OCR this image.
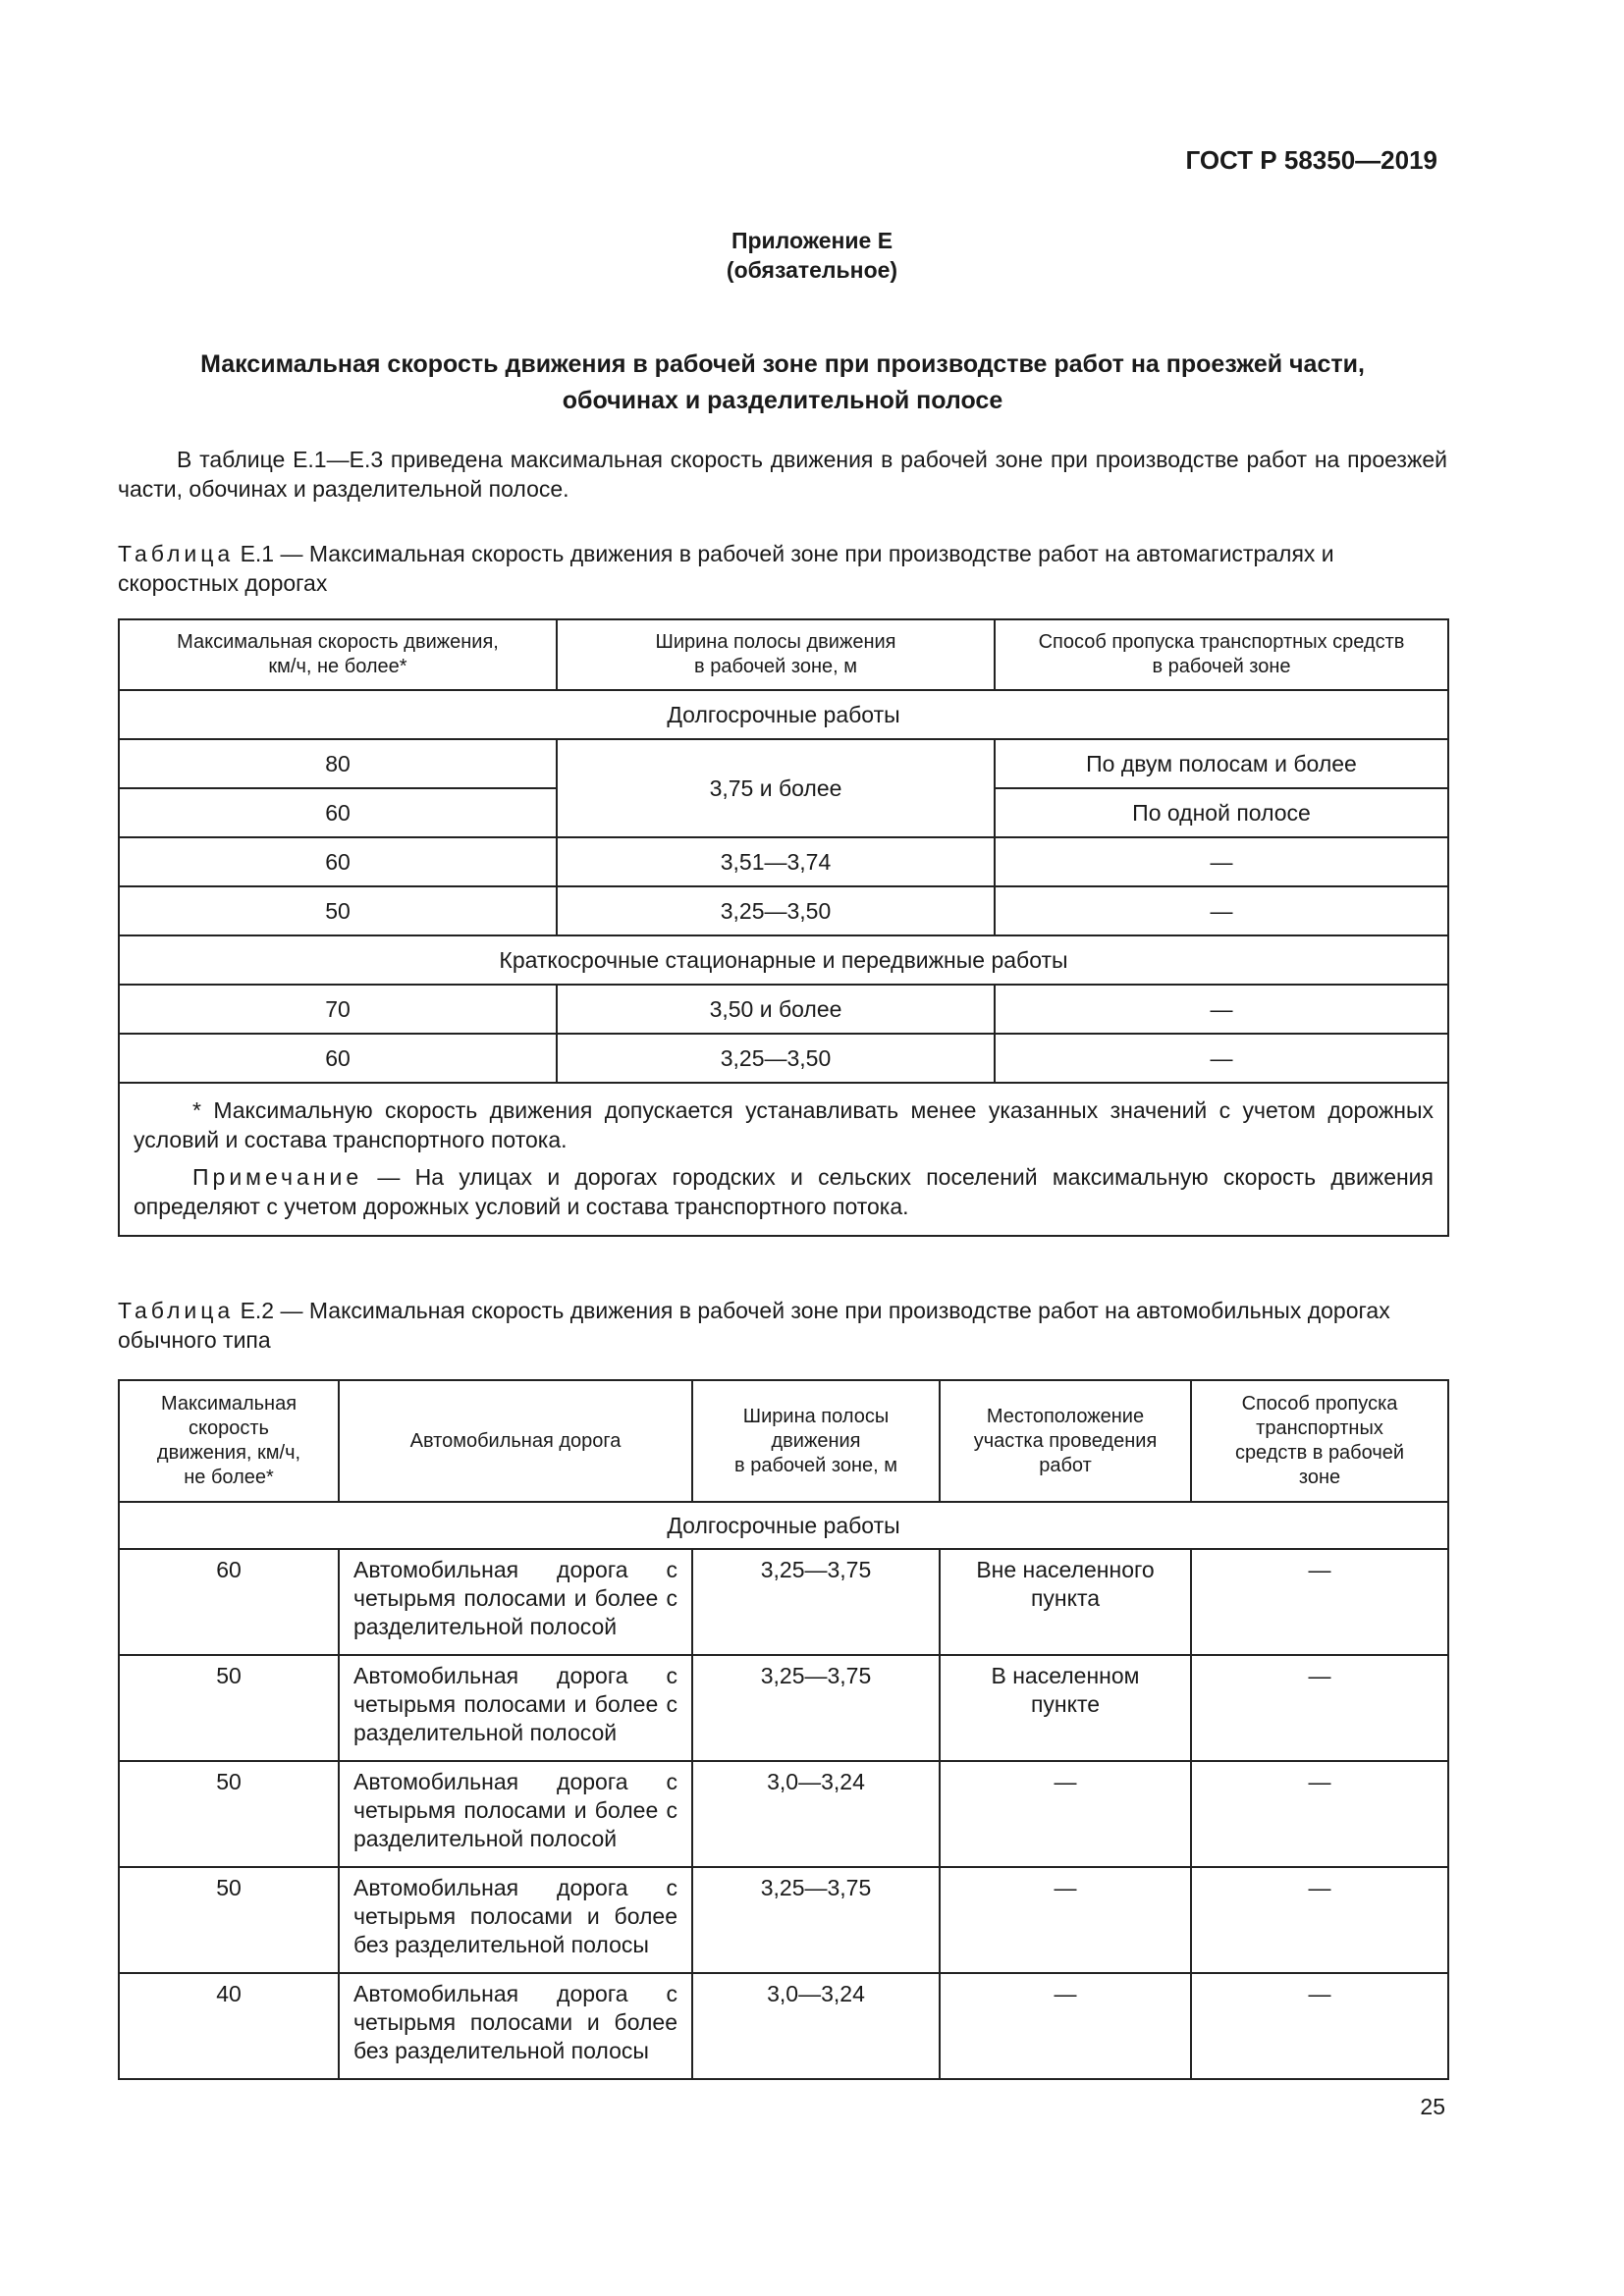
ГОСТ Р 58350—2019
Приложение Е
(обязательное)
Максимальная скорость движения в рабочей зоне при производстве работ на проезжей части,
обочинах и разделительной полосе
В таблице Е.1—Е.3 приведена максимальная скорость движения в рабочей зоне при производстве работ на проезжей части, обочинах и разделительной полосе.
Таблица Е.1 — Максимальная скорость движения в рабочей зоне при производстве работ на автомагистралях и скоростных дорогах
Максимальная скорость движения,
км/ч, не более*	Ширина полосы движения
в рабочей зоне, м	Способ пропуска транспортных средств
в рабочей зоне
Долгосрочные работы		
80	3,75 и более	По двум полосам и более
60		По одной полосе
60	3,51—3,74	—
50	3,25—3,50	—
Краткосрочные стационарные и передвижные работы		
70	3,50 и более	—
60	3,25—3,50	—

* Максимальную скорость движения допускается устанавливать менее указанных значений с учетом дорожных условий и состава транспортного потока.

Примечание — На улицах и дорогах городских и сельских поселений максимальную скорость движения определяют с учетом дорожных условий и состава транспортного потока.		

Таблица Е.2 — Максимальная скорость движения в рабочей зоне при производстве работ на автомобильных дорогах обычного типа
Максимальная
скорость
движения, км/ч,
не более*	Автомобильная дорога	Ширина полосы
движения
в рабочей зоне, м	Местоположение
участка проведения
работ	Способ пропуска
транспортных
средств в рабочей
зоне
Долгосрочные работы				
60	Автомобильная дорога с четырьмя полосами и более с разделительной полосой	3,25—3,75	Вне населенного пункта	—
50	Автомобильная дорога с четырьмя полосами и более с разделительной полосой	3,25—3,75	В населенном пункте	—
50	Автомобильная дорога с четырьмя полосами и более с разделительной полосой	3,0—3,24	—	—
50	Автомобильная дорога с четырьмя полосами и более без разделительной полосы	3,25—3,75	—	—
40	Автомобильная дорога с четырьмя полосами и более без разделительной полосы	3,0—3,24	—	—
25
